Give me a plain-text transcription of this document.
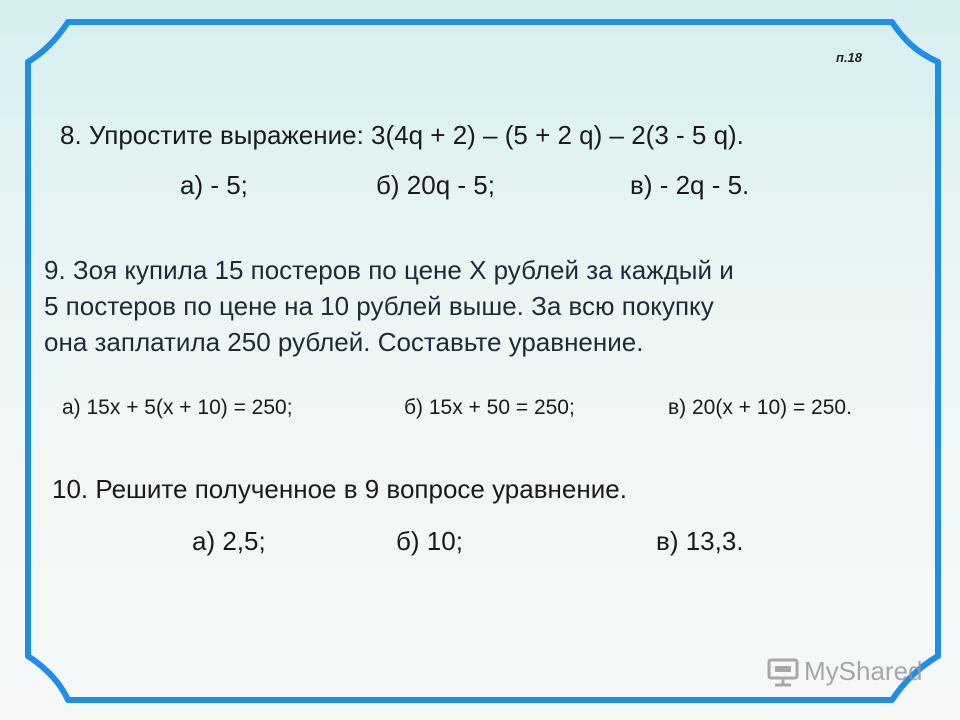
п.18
8. Упростите выражение: 3(4q + 2) – (5 + 2 q) – 2(3 - 5 q).
а) - 5;	б) 20q - 5;	в) - 2q - 5.
9. Зоя купила 15 постеров по цене Х рублей за каждый и
5 постеров по цене на 10 рублей выше. За всю покупку
она заплатила 250 рублей. Составьте уравнение.
а) 15х + 5(х + 10) = 250;	б) 15х + 50 = 250;	в) 20(х + 10) = 250.
10. Решите полученное в 9 вопросе уравнение.
а) 2,5;	б) 10;	в) 13,3.
MyShared
